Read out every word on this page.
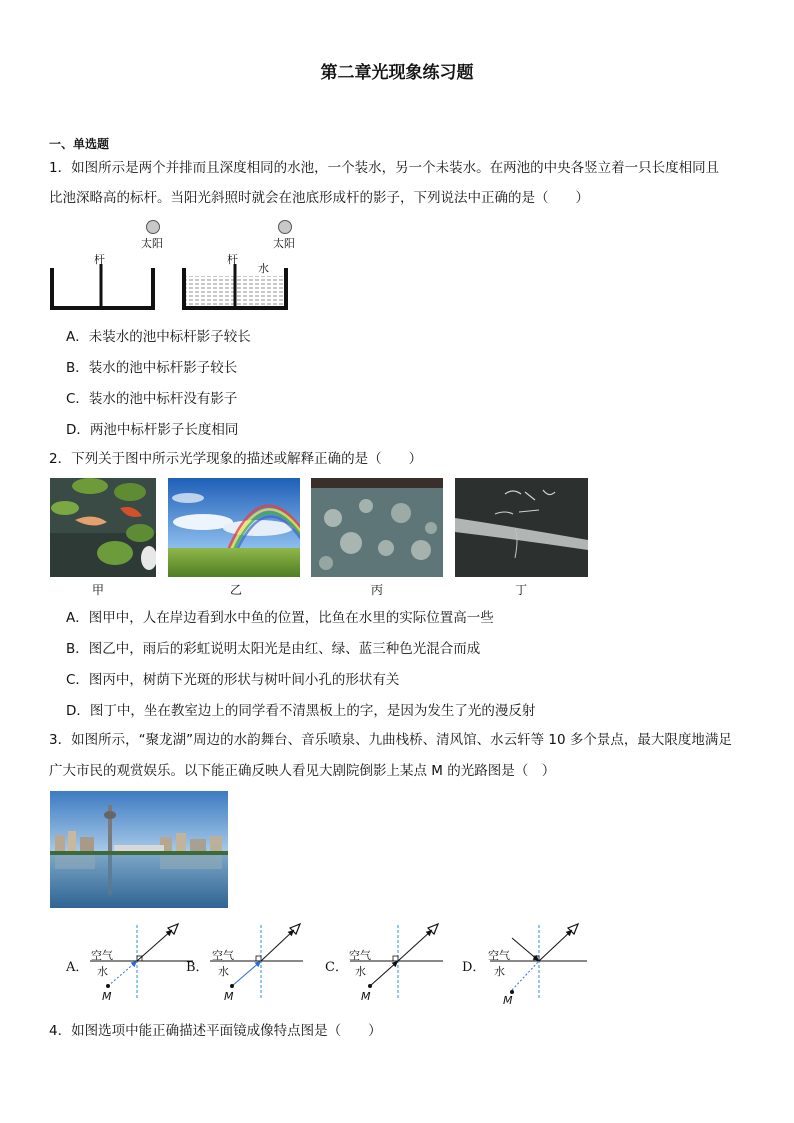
第二章光现象练习题
一、单选题
1．如图所示是两个并排而且深度相同的水池，一个装水，另一个未装水。在两池的中央各竖立着一只长度相同且
比池深略高的标杆。当阳光斜照时就会在池底形成杆的影子，下列说法中正确的是（　　）
太阳	太阳
杆	杆
水
A．未装水的池中标杆影子较长
B．装水的池中标杆影子较长
C．装水的池中标杆没有影子
D．两池中标杆影子长度相同
2．下列关于图中所示光学现象的描述或解释正确的是（　　）
甲	乙	丙	丁
A．图甲中，人在岸边看到水中鱼的位置，比鱼在水里的实际位置高一些
B．图乙中，雨后的彩虹说明太阳光是由红、绿、蓝三种色光混合而成
C．图丙中，树荫下光斑的形状与树叶间小孔的形状有关
D．图丁中，坐在教室边上的同学看不清黑板上的字，是因为发生了光的漫反射
3．如图所示，“聚龙湖”周边的水韵舞台、音乐喷泉、九曲栈桥、清风馆、水云轩等 10 多个景点，最大限度地满足
广大市民的观赏娱乐。以下能正确反映人看见大剧院倒影上某点 M 的光路图是（　）
A．	B．	C．	D．
空气
水
M
空气
水
M
空气
水
M
空气
水
M
4．如图选项中能正确描述平面镜成像特点图是（　　）
